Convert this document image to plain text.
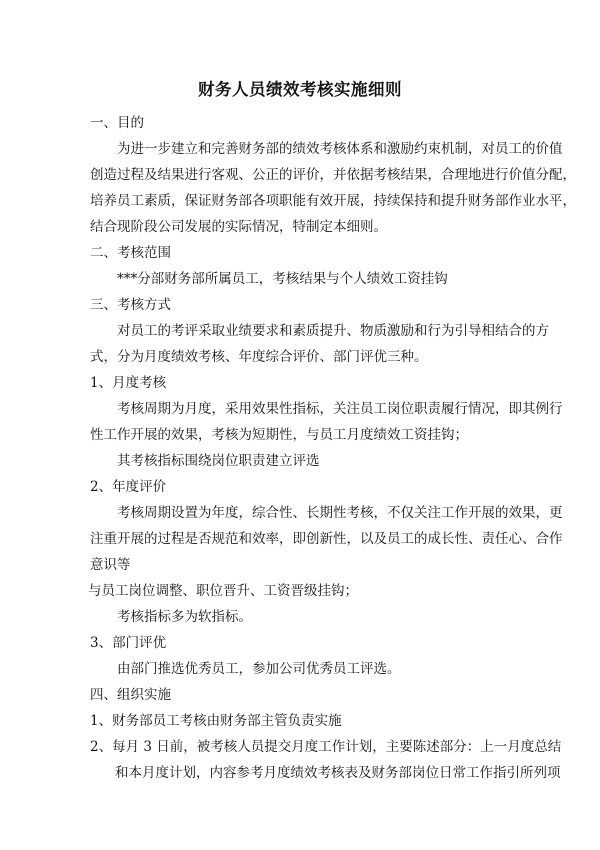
财务人员绩效考核实施细则
一、目的
为进一步建立和完善财务部的绩效考核体系和激励约束机制，对员工的价值
创造过程及结果进行客观、公正的评价，并依据考核结果，合理地进行价值分配，
培养员工素质，保证财务部各项职能有效开展，持续保持和提升财务部作业水平，
结合现阶段公司发展的实际情况，特制定本细则。
二、考核范围
***分部财务部所属员工，考核结果与个人绩效工资挂钩
三、考核方式
对员工的考评采取业绩要求和素质提升、物质激励和行为引导相结合的方
式，分为月度绩效考核、年度综合评价、部门评优三种。
1、月度考核
考核周期为月度，采用效果性指标，关注员工岗位职责履行情况，即其例行
性工作开展的效果，考核为短期性，与员工月度绩效工资挂钩；
其考核指标围绕岗位职责建立评选
2、年度评价
考核周期设置为年度，综合性、长期性考核，不仅关注工作开展的效果，更
注重开展的过程是否规范和效率，即创新性，以及员工的成长性、责任心、合作
意识等
与员工岗位调整、职位晋升、工资晋级挂钩；
考核指标多为软指标。
3、部门评优
由部门推选优秀员工，参加公司优秀员工评选。
四、组织实施
1、财务部员工考核由财务部主管负责实施
2、每月 3 日前，被考核人员提交月度工作计划，主要陈述部分：上一月度总结
和本月度计划，内容参考月度绩效考核表及财务部岗位日常工作指引所列项
